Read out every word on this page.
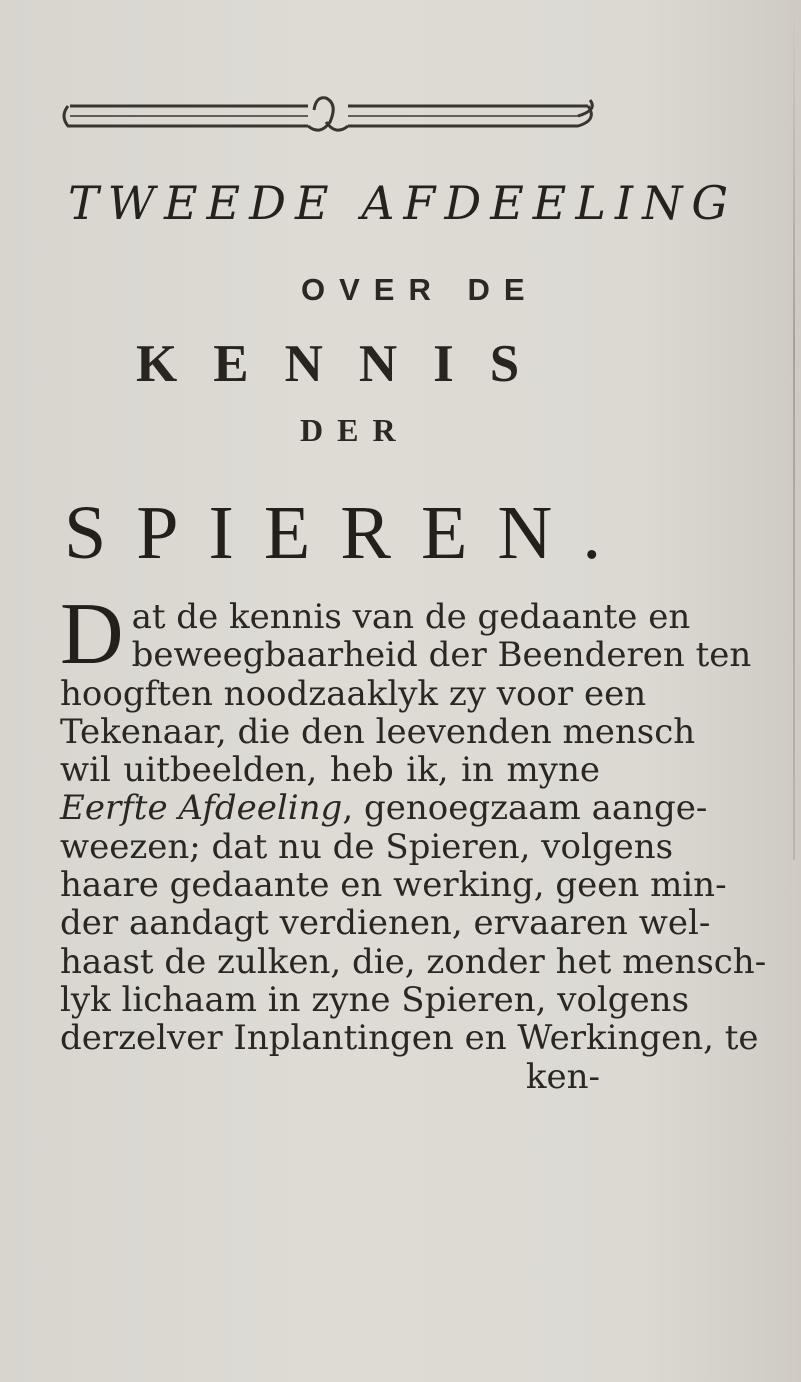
TWEEDE AFDEELING
OVER DE
KENNIS
DER
SPIEREN.
D at de kennis van de gedaante en
beweegbaarheid der Beenderen ten
hoogften noodzaaklyk zy voor een
Tekenaar, die den leevenden mensch
wil uitbeelden, heb ik, in myne
Eerfte Afdeeling, genoegzaam aange-
weezen; dat nu de Spieren, volgens
haare gedaante en werking, geen min-
der aandagt verdienen, ervaaren wel-
haast de zulken, die, zonder het mensch-
lyk lichaam in zyne Spieren, volgens
derzelver Inplantingen en Werkingen, te
ken-
